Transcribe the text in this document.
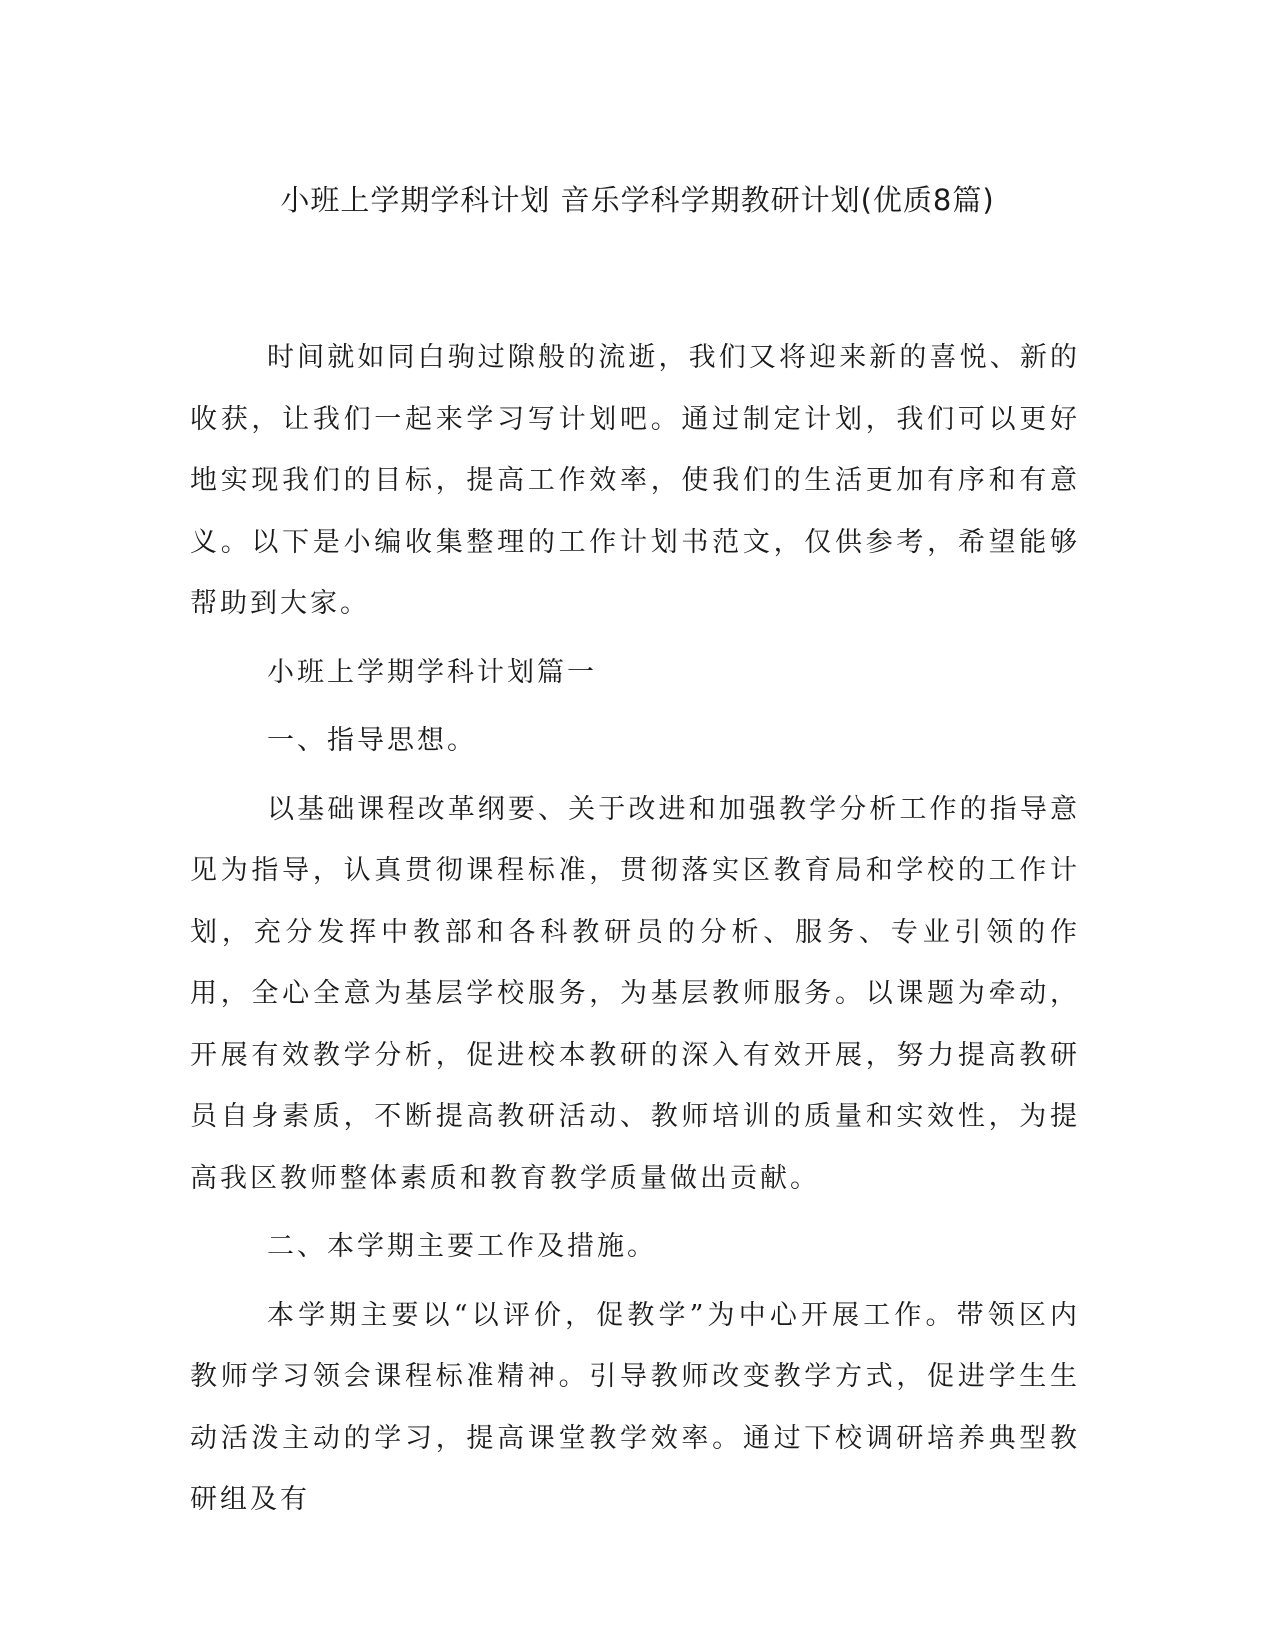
小班上学期学科计划 音乐学科学期教研计划(优质8篇)

时间就如同白驹过隙般的流逝，我们又将迎来新的喜悦、新的收获，让我们一起来学习写计划吧。通过制定计划，我们可以更好地实现我们的目标，提高工作效率，使我们的生活更加有序和有意义。以下是小编收集整理的工作计划书范文，仅供参考，希望能够帮助到大家。

小班上学期学科计划篇一

一、指导思想。

以基础课程改革纲要、关于改进和加强教学分析工作的指导意见为指导，认真贯彻课程标准，贯彻落实区教育局和学校的工作计划，充分发挥中教部和各科教研员的分析、服务、专业引领的作用，全心全意为基层学校服务，为基层教师服务。以课题为牵动，开展有效教学分析，促进校本教研的深入有效开展，努力提高教研员自身素质，不断提高教研活动、教师培训的质量和实效性，为提高我区教师整体素质和教育教学质量做出贡献。

二、本学期主要工作及措施。

本学期主要以“以评价，促教学”为中心开展工作。带领区内教师学习领会课程标准精神。引导教师改变教学方式，促进学生生动活泼主动的学习，提高课堂教学效率。通过下校调研培养典型教研组及有
